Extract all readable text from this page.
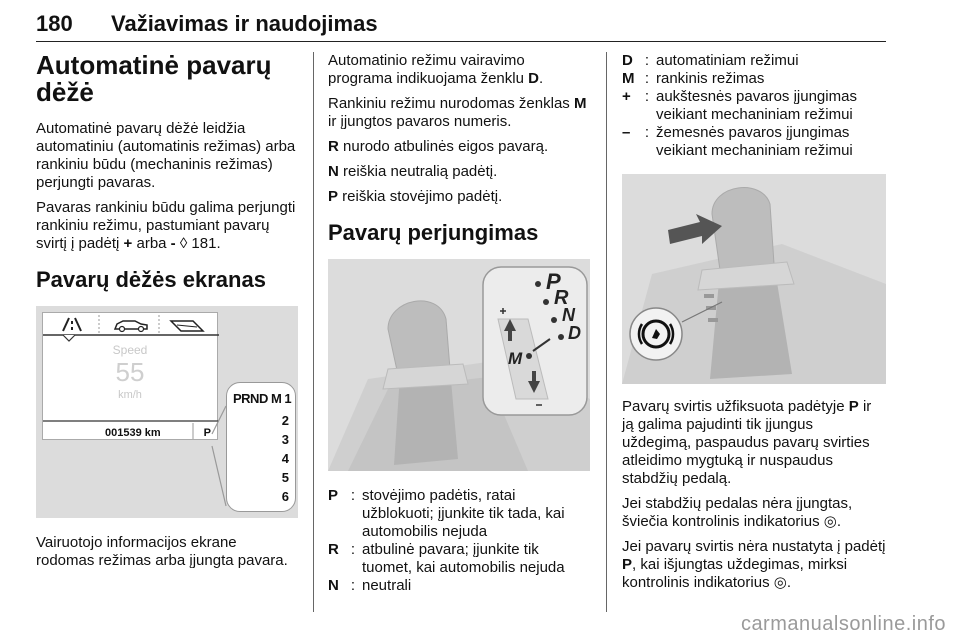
180 Važiavimas ir naudojimas
Automatinė pavarų dėžė

Automatinė pavarų dėžė leidžia automatiniu (automatinis režimas) arba rankiniu būdu (mechaninis režimas) perjungti pavaras.

Pavaras rankiniu būdu galima perjungti rankiniu režimu, pastumiant pavarų svirtį į padėtį + arba - ◊ 181.

Pavarų dėžės ekranas
Speed
55
km/h
001539 km	P
PRND M 1
2
3
4
5
6

Vairuotojo informacijos ekrane rodomas režimas arba įjungta pavara.

Automatinio režimu vairavimo programa indikuojama ženklu D.

Rankiniu režimu nurodomas ženklas M ir įjungtos pavaros numeris.

R nurodo atbulinės eigos pavarą.

N reiškia neutralią padėtį.

P reiškia stovėjimo padėtį.

Pavarų perjungimas
P
R
N
D
M
P : stovėjimo padėtis, ratai užblokuoti; įjunkite tik tada, kai automobilis nejuda
R : atbulinė pavara; įjunkite tik tuomet, kai automobilis nejuda
N : neutrali
D : automatiniam režimui
M : rankinis režimas
+ : aukštesnės pavaros įjungimas veikiant mechaniniam režimui
– : žemesnės pavaros įjungimas veikiant mechaniniam režimui

Pavarų svirtis užfiksuota padėtyje P ir ją galima pajudinti tik įjungus uždegimą, paspaudus pavarų svirties atleidimo mygtuką ir nuspaudus stabdžių pedalą.

Jei stabdžių pedalas nėra įjungtas, šviečia kontrolinis indikatorius ◎.

Jei pavarų svirtis nėra nustatyta į padėtį P, kai išjungtas uždegimas, mirksi kontrolinis indikatorius ◎.

carmanualsonline.info
